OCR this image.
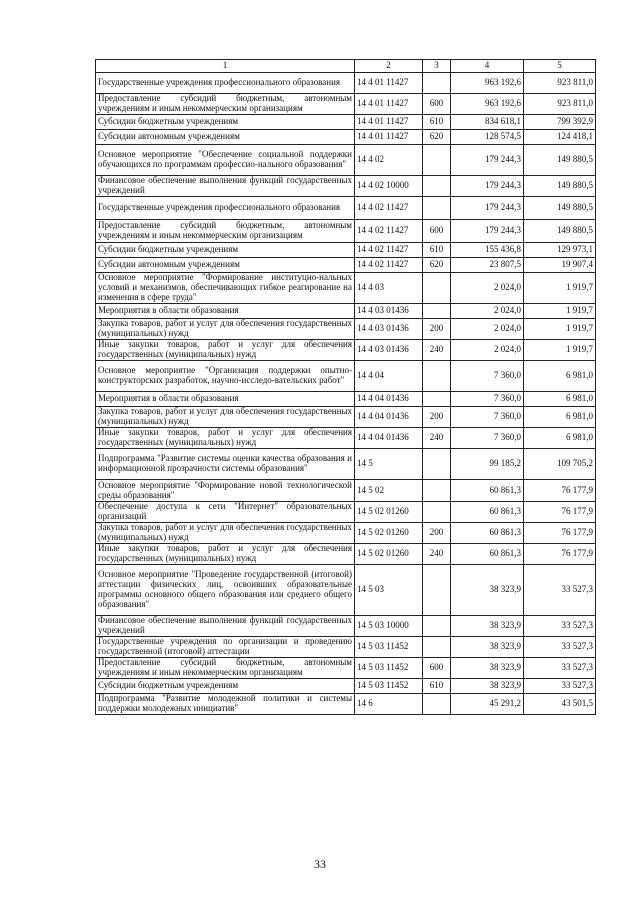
1	2	3	4	5
Государственные учреждения профессионального образования	14 4 01 11427		963 192,6	923 811,0
Предоставление субсидий бюджетным, автономным учреждениям и иным некоммерческим организациям	14 4 01 11427	600	963 192,6	923 811,0
Субсидии бюджетным учреждениям	14 4 01 11427	610	834 618,1	799 392,9
Субсидии автономным учреждениям	14 4 01 11427	620	128 574,5	124 418,1
Основное мероприятие "Обеспечение социальной поддержки обучающихся по программам профессио-нального образования"	14 4 02		179 244,3	149 880,5
Финансовое обеспечение выполнения функций государственных учреждений	14 4 02 10000		179 244,3	149 880,5
Государственные учреждения профессионального образования	14 4 02 11427		179 244,3	149 880,5
Предоставление субсидий бюджетным, автономным учреждениям и иным некоммерческим организациям	14 4 02 11427	600	179 244,3	149 880,5
Субсидии бюджетным учреждениям	14 4 02 11427	610	155 436,8	129 973,1
Субсидии автономным учреждениям	14 4 02 11427	620	23 807,5	19 907,4
Основное мероприятие "Формирование институцио-нальных условий и механизмов, обеспечивающих гибкое реагирование на изменения в сфере труда"	14 4 03		2 024,0	1 919,7
Мероприятия в области образования	14 4 03 01436		2 024,0	1 919,7
Закупка товаров, работ и услуг для обеспечения государственных (муниципальных) нужд	14 4 03 01436	200	2 024,0	1 919,7
Иные закупки товаров, работ и услуг для обеспечения государственных (муниципальных) нужд	14 4 03 01436	240	2 024,0	1 919,7
Основное мероприятие "Организация поддержки опытно-конструкторских разработок, научно-исследо-вательских работ"	14 4 04		7 360,0	6 981,0
Мероприятия в области образования	14 4 04 01436		7 360,0	6 981,0
Закупка товаров, работ и услуг для обеспечения государственных (муниципальных) нужд	14 4 04 01436	200	7 360,0	6 981,0
Иные закупки товаров, работ и услуг для обеспечения государственных (муниципальных) нужд	14 4 04 01436	240	7 360,0	6 981,0
Подпрограмма "Развитие системы оценки качества образования и информационной прозрачности системы образования"	14 5		99 185,2	109 705,2
Основное мероприятие "Формирование новой технологической среды образования"	14 5 02		60 861,3	76 177,9
Обеспечение доступа к сети "Интернет" образовательных организаций	14 5 02 01260		60 861,3	76 177,9
Закупка товаров, работ и услуг для обеспечения государственных (муниципальных) нужд	14 5 02 01260	200	60 861,3	76 177,9
Иные закупки товаров, работ и услуг для обеспечения государственных (муниципальных) нужд	14 5 02 01260	240	60 861,3	76 177,9
Основное мероприятие "Проведение государственной (итоговой) аттестации физических лиц, освоивших образовательные программы основного общего образования или среднего общего образования"	14 5 03		38 323,9	33 527,3
Финансовое обеспечение выполнения функций государственных учреждений	14 5 03 10000		38 323,9	33 527,3
Государственные учреждения по организации и проведению государственной (итоговой) аттестации	14 5 03 11452		38 323,9	33 527,3
Предоставление субсидий бюджетным, автономным учреждениям и иным некоммерческим организациям	14 5 03 11452	600	38 323,9	33 527,3
Субсидии бюджетным учреждениям	14 5 03 11452	610	38 323,9	33 527,3
Подпрограмма "Развитие молодежной политики и системы поддержки молодежных инициатив"	14 6		45 291,2	43 501,5
33
